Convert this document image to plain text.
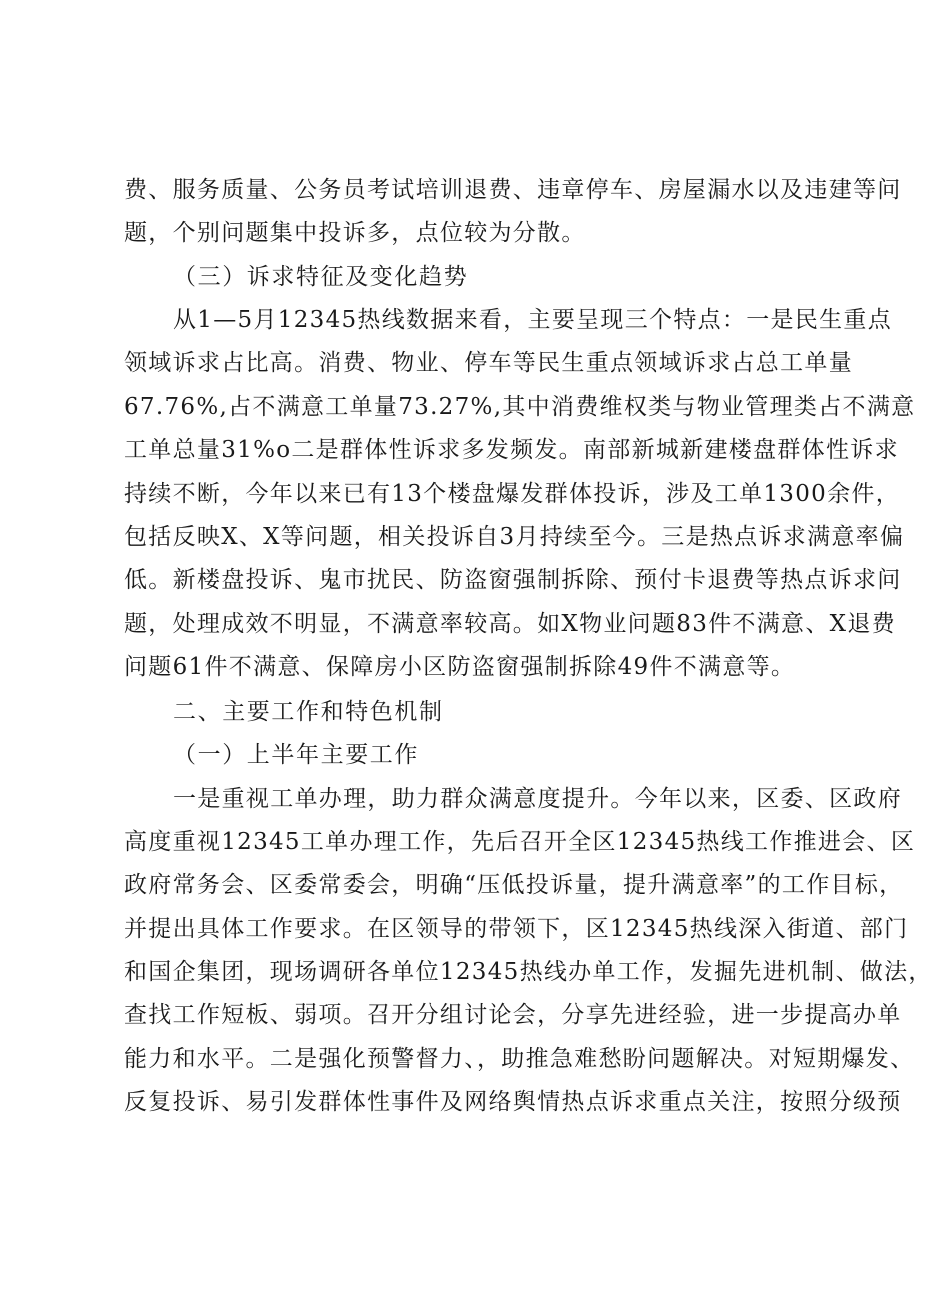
费、服务质量、公务员考试培训退费、违章停车、房屋漏水以及违建等问
题，个别问题集中投诉多，点位较为分散。
（三）诉求特征及变化趋势
从1—5月12345热线数据来看，主要呈现三个特点：一是民生重点
领域诉求占比高。消费、物业、停车等民生重点领域诉求占总工单量
67.76%,占不满意工单量73.27%,其中消费维权类与物业管理类占不满意
工单总量31%o二是群体性诉求多发频发。南部新城新建楼盘群体性诉求
持续不断，今年以来已有13个楼盘爆发群体投诉，涉及工单1300余件，
包括反映X、X等问题，相关投诉自3月持续至今。三是热点诉求满意率偏
低。新楼盘投诉、鬼市扰民、防盗窗强制拆除、预付卡退费等热点诉求问
题，处理成效不明显，不满意率较高。如X物业问题83件不满意、X退费
问题61件不满意、保障房小区防盗窗强制拆除49件不满意等。
二、主要工作和特色机制
（一）上半年主要工作
一是重视工单办理，助力群众满意度提升。今年以来，区委、区政府
高度重视12345工单办理工作，先后召开全区12345热线工作推进会、区
政府常务会、区委常委会，明确“压低投诉量，提升满意率”的工作目标，
并提出具体工作要求。在区领导的带领下，区12345热线深入街道、部门
和国企集团，现场调研各单位12345热线办单工作，发掘先进机制、做法，
查找工作短板、弱项。召开分组讨论会，分享先进经验，进一步提高办单
能力和水平。二是强化预警督力、，助推急难愁盼问题解决。对短期爆发、
反复投诉、易引发群体性事件及网络舆情热点诉求重点关注，按照分级预
